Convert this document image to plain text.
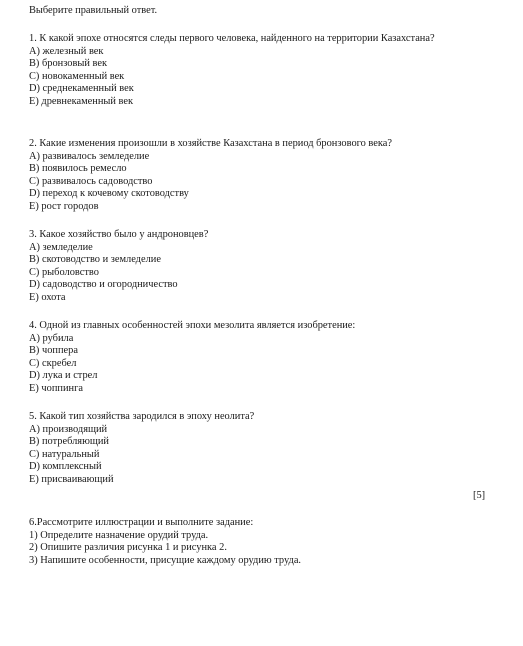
Выберите правильный ответ.

1. К какой эпохе относятся следы первого человека, найденного на территории Казахстана?

A) железный век
B) бронзовый век
C) новокаменный век
D) среднекаменный век
E) древнекаменный век

2. Какие изменения произошли в хозяйстве Казахстана в период бронзового века?

A) развивалось земледелие
B) появилось ремесло
C) развивалось садоводство
D) переход к кочевому скотоводству
E) рост городов

3. Какое хозяйство было у андроновцев?

A) земледелие
B) скотоводство и земледелие
C) рыболовство
D) садоводство и огородничество
E) охота

4. Одной из главных особенностей эпохи мезолита является изобретение:

A) рубила
B) чоппера
C) скребел
D) лука и стрел
E) чоппинга

5. Какой тип хозяйства зародился в эпоху неолита?

A) производящий
B) потребляющий
C) натуральный
D) комплексный
E) присваивающий

[5]

6.Рассмотрите иллюстрации и выполните задание:

1) Определите назначение орудий труда.
2) Опишите различия рисунка 1 и рисунка 2.
3) Напишите особенности, присущие каждому орудию труда.
